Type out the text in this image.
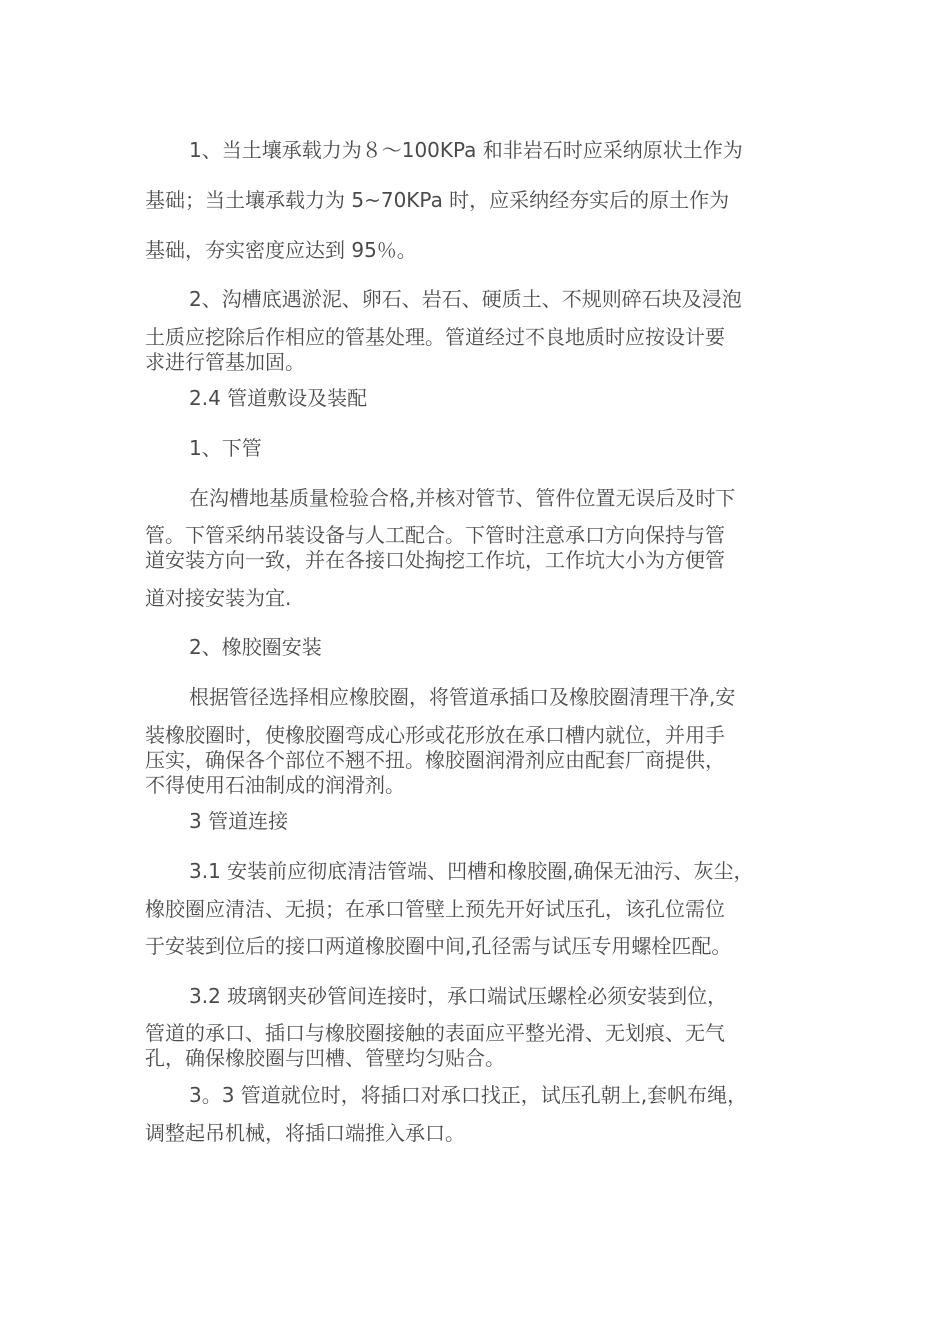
1、当土壤承载力为８～100KPa 和非岩石时应采纳原状土作为

基础；当土壤承载力为 5~70KPa 时，应采纳经夯实后的原土作为

基础，夯实密度应达到 95％。

2、沟槽底遇淤泥、卵石、岩石、硬质土、不规则碎石块及浸泡

土质应挖除后作相应的管基处理。管道经过不良地质时应按设计要

求进行管基加固。

2.4 管道敷设及装配

1、下管

在沟槽地基质量检验合格,并核对管节、管件位置无误后及时下

管。下管采纳吊装设备与人工配合。下管时注意承口方向保持与管

道安装方向一致，并在各接口处掏挖工作坑，工作坑大小为方便管

道对接安装为宜.

2、橡胶圈安装

根据管径选择相应橡胶圈，将管道承插口及橡胶圈清理干净,安

装橡胶圈时，使橡胶圈弯成心形或花形放在承口槽内就位，并用手

压实，确保各个部位不翘不扭。橡胶圈润滑剂应由配套厂商提供，

不得使用石油制成的润滑剂。

3 管道连接

3.1 安装前应彻底清洁管端、凹槽和橡胶圈,确保无油污、灰尘，

橡胶圈应清洁、无损；在承口管壁上预先开好试压孔，该孔位需位

于安装到位后的接口两道橡胶圈中间,孔径需与试压专用螺栓匹配。

3.2 玻璃钢夹砂管间连接时，承口端试压螺栓必须安装到位，

管道的承口、插口与橡胶圈接触的表面应平整光滑、无划痕、无气

孔，确保橡胶圈与凹槽、管壁均匀贴合。

3。3 管道就位时，将插口对承口找正，试压孔朝上,套帆布绳，

调整起吊机械，将插口端推入承口。
